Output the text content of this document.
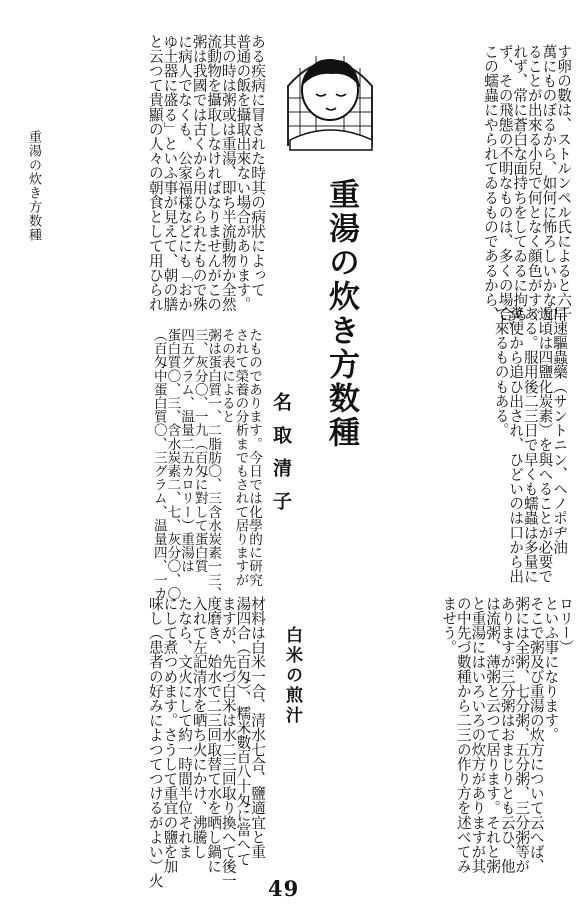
重湯の炊き方数種	す卵の數は、ストルンペル氏によると六千
萬にものぼるから、如何に怖ろしいかな知
ることが出來る小兒で何となく顔色がすぐ
れず、常に蒼白な面持ちをしてゐるに拘ら
ず、その飛態の不明なものは、多くの場合、
この蠕蟲にやられてゐるものであるから、
重湯の炊き方数種	早速驅蟲藥（サントニン、ヘノポヂ油
近頃は四鹽化炭素）を與へることが必要で
ある。服用後二三日で早くも蠕蟲は多量に
糞便から追ひ出され、ひどいのは口から出
て來るものもある。
名取清子
ある疾病に冒された時其の病狀によって
普通の飯を攝取出來ない場合があります。
其の時は粥或は重湯、即ち半流動物か全然
流動物を攝取しなければなりませんがこの
粥は我國では古くから用ひられたもので殊
に病人でなくも、公家福樣などにも「おか
ゆ土器に盛る」といふ事が見えて、朝の膳
と云つて貴顯の人々の朝食として用ひられ
たものであります。今日では化學的に研究
されて榮養の分析までもされて居りますが
その表によると
粥は蛋白質一、二脂肪〇、三含水炭素一三、
三、灰分〇、一九（百匁に對して蛋白質
四五グラム、温量二五カロリー）重湯は
蛋白質〇、三、含水炭素二、七、灰分〇、〇
（百匁中蛋白質〇、三グラム、温量四、一カ
ロリー）
といふ事になります。
そこで粥及び重湯の炊方について云へば、
粥には全粥、七分粥、五分粥、三分粥等が
ありますが三分粥はおまじりとも云ひ、他
は流粥、薄粥と云つて居ります。それと粥
と重湯にはいろいろの炊方がありますが其
の中先づ數種から二三の作り方を述べてみ
ませう。
白米の煎汁
材料は白米一合、清水七合、鹽適宜と重
湯四合（百匁）、糯米數百八十匁に當へて
ますが、先づ白米は水二三回取り換へて後一
度磨き、始水で二三回取替て水を晒し鍋に
入れて左記清水を晒ち火にかけ、沸騰し
たなら、文火にして約一時間半位それま
にして煮つめます。さうして重宜の鹽を加
味し（患者の好みによつてつけるがよい）火
49
